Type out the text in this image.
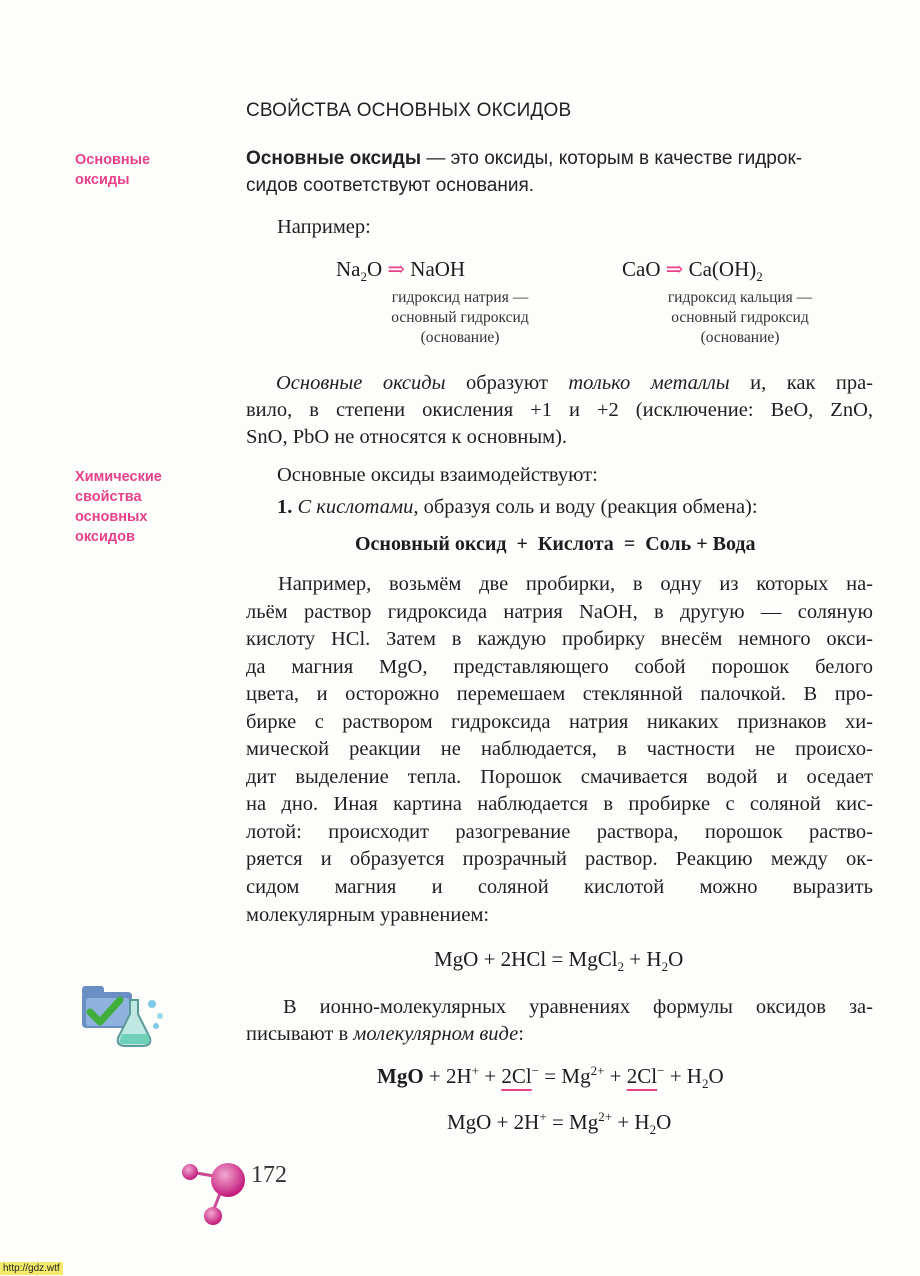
СВОЙСТВА ОСНОВНЫХ ОКСИДОВ
Основные
оксиды
Основные оксиды — это оксиды, которым в качестве гидрок-
сидов соответствуют основания.
Например:
$Na_2O$ ⇒ NaOH
гидроксид натрия —
основный гидроксид
(основание)
CaO ⇒ $Ca(OH)_2$
гидроксид кальция —
основный гидроксид
(основание)
Основные оксиды образуют только металлы и, как пра-
вило, в степени окисления +1 и +2 (исключение: BeO, ZnO,
SnO, PbO не относятся к основным).
Химические
свойства
основных
оксидов
Основные оксиды взаимодействуют:
1. С кислотами, образуя соль и воду (реакция обмена):
Основный оксид + Кислота = Соль + Вода
Например, возьмём две пробирки, в одну из которых на-
льём раствор гидроксида натрия NaOH, в другую — соляную
кислоту HCl. Затем в каждую пробирку внесём немного окси-
да магния MgO, представляющего собой порошок белого
цвета, и осторожно перемешаем стеклянной палочкой. В про-
бирке с раствором гидроксида натрия никаких признаков хи-
мической реакции не наблюдается, в частности не происхо-
дит выделение тепла. Порошок смачивается водой и оседает
на дно. Иная картина наблюдается в пробирке с соляной кис-
лотой: происходит разогревание раствора, порошок раство-
ряется и образуется прозрачный раствор. Реакцию между ок-
сидом магния и соляной кислотой можно выразить
молекулярным уравнением:
MgO + 2HCl = MgCl$_2$ + $H_2O$
В ионно-молекулярных уравнениях формулы оксидов за-
писывают в молекулярном виде:
MgO + $2H^+ + 2Cl^- = Mg^{2+} + 2Cl^- + H_2O$
MgO + $2H^+ = Mg^{2+} + H_2O$
172
http://gdz.wtf
